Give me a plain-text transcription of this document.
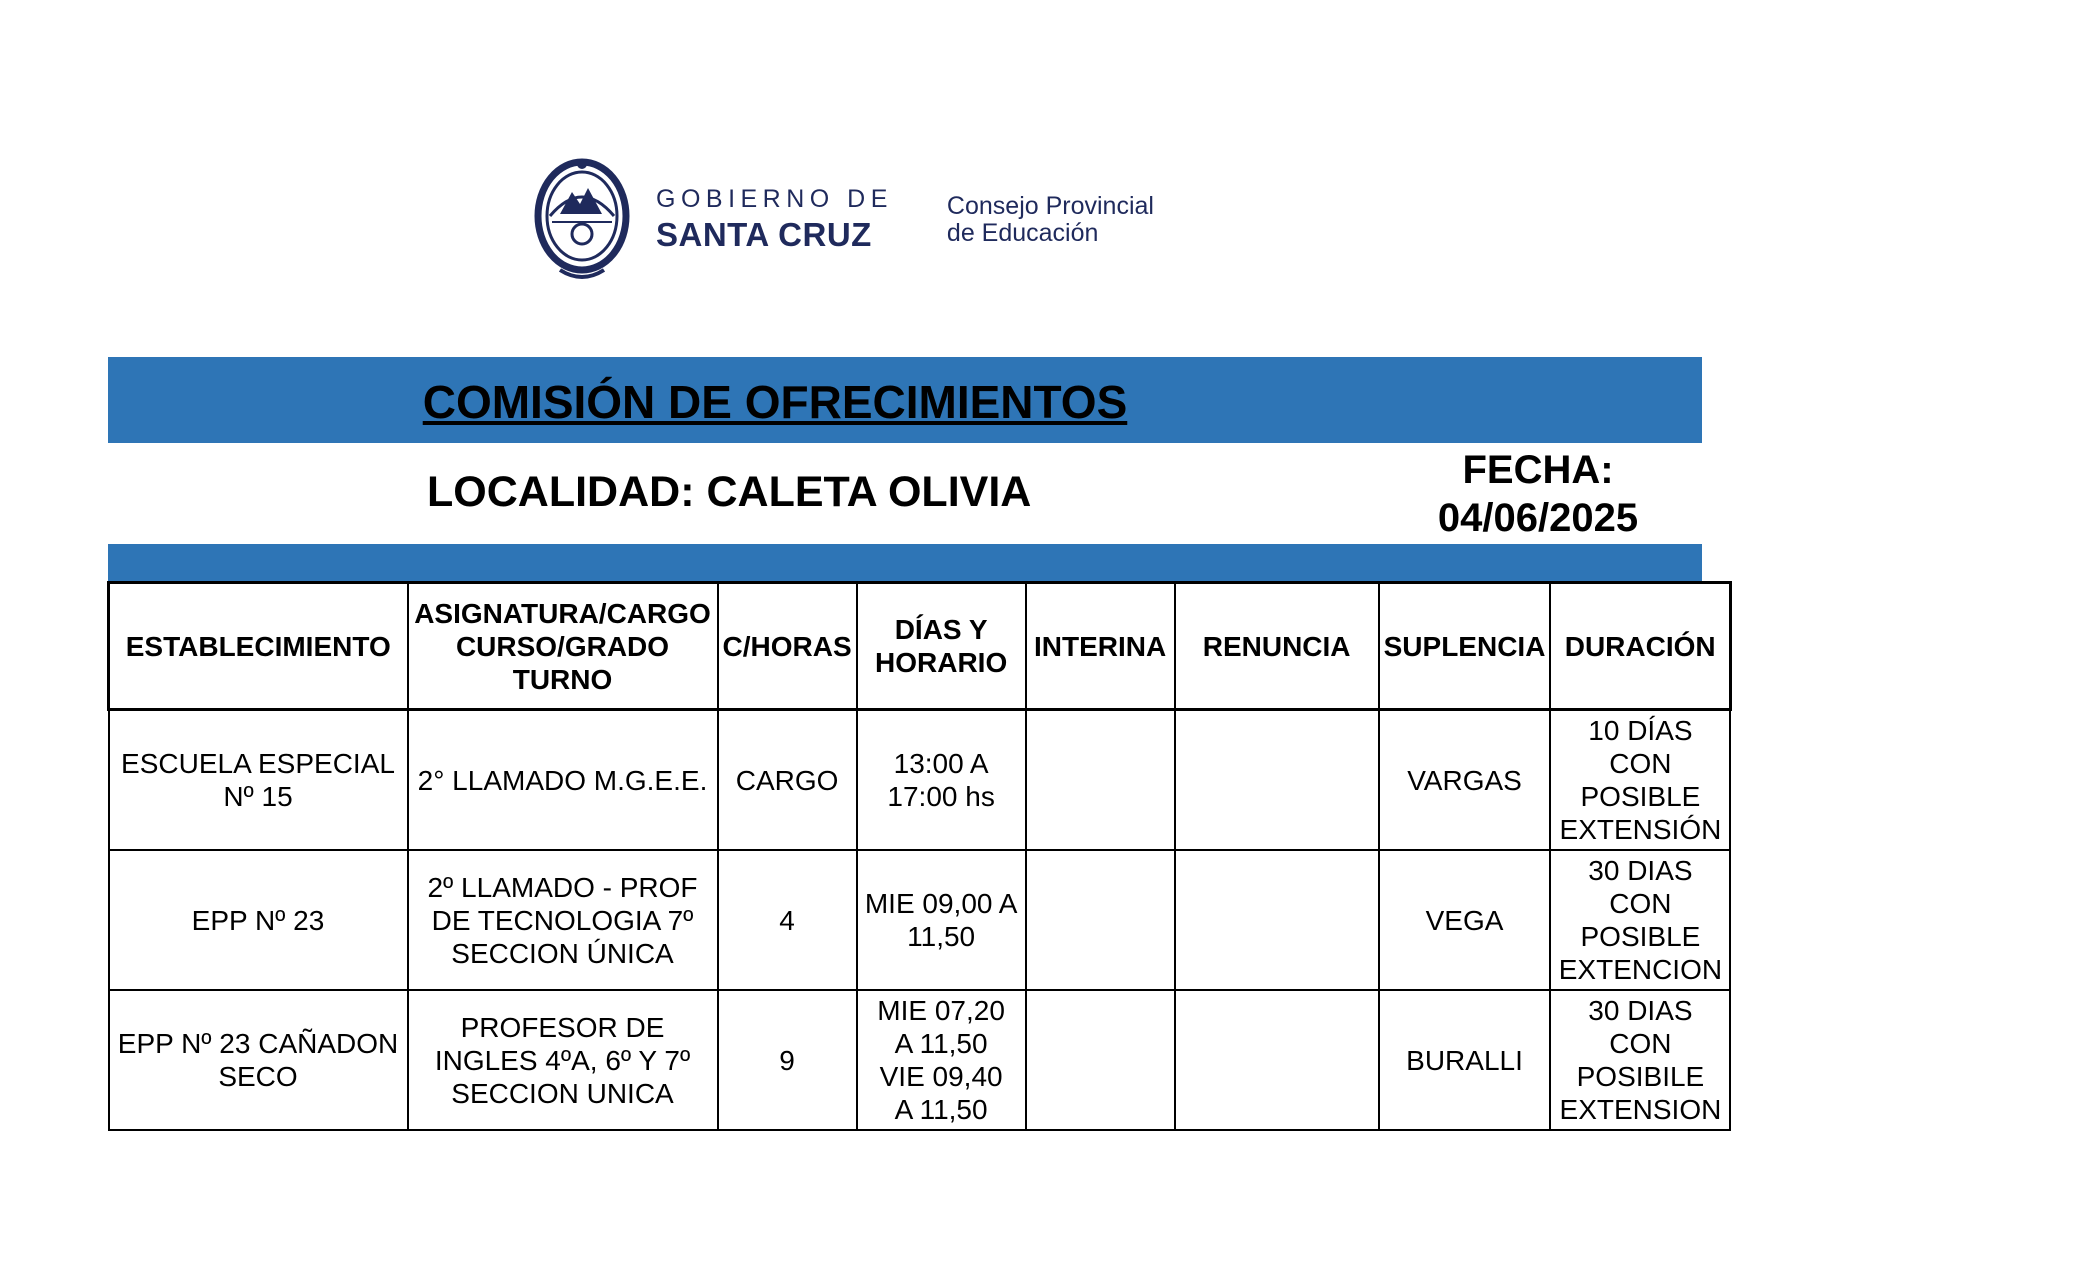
GOBIERNO DE
SANTA CRUZ
Consejo Provincial
de Educación
COMISIÓN DE OFRECIMIENTOS
LOCALIDAD: CALETA OLIVIA	FECHA:
04/06/2025
ESTABLECIMIENTO	ASIGNATURA/CARGO CURSO/GRADO TURNO	C/HORAS	DÍAS Y HORARIO	INTERINA	RENUNCIA	SUPLENCIA	DURACIÓN
ESCUELA ESPECIAL Nº 15	2° LLAMADO M.G.E.E.	CARGO	13:00 A 17:00 hs			VARGAS	10 DÍAS CON POSIBLE EXTENSIÓN
EPP Nº 23	2º LLAMADO - PROF DE TECNOLOGIA 7º SECCION ÚNICA	4	MIE 09,00 A 11,50			VEGA	30 DIAS CON POSIBLE EXTENCION
EPP Nº 23 CAÑADON SECO	PROFESOR DE INGLES 4ºA, 6º Y 7º SECCION UNICA	9	MIE 07,20 A 11,50 VIE 09,40 A 11,50			BURALLI	30 DIAS CON POSIBILE EXTENSION
